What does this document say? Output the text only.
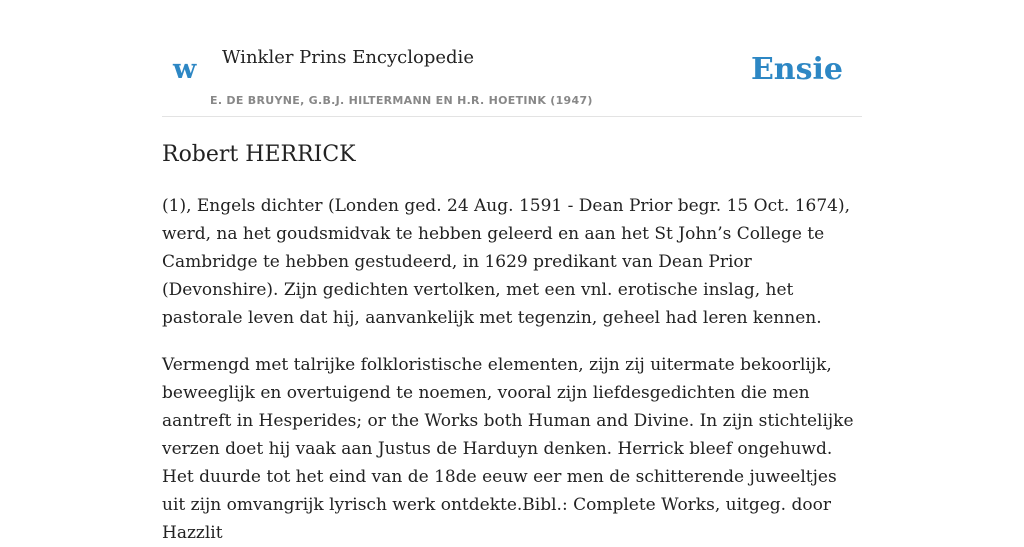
w Winkler Prins Encyclopedie
E. DE BRUYNE, G.B.J. HILTERMANN EN H.R. HOETINK (1947)
Ensie
Robert HERRICK

(1), Engels dichter (Londen ged. 24 Aug. 1591 - Dean Prior begr. 15 Oct. 1674), werd, na het goudsmidvak te hebben geleerd en aan het St John’s College te Cambridge te hebben gestudeerd, in 1629 predikant van Dean Prior (Devonshire). Zijn gedichten vertolken, met een vnl. erotische inslag, het pastorale leven dat hij, aanvankelijk met tegenzin, geheel had leren kennen.

Vermengd met talrijke folkloristische elementen, zijn zij uitermate bekoorlijk, beweeglijk en overtuigend te noemen, vooral zijn liefdesgedichten die men aantreft in Hesperides; or the Works both Human and Divine. In zijn stichtelijke verzen doet hij vaak aan Justus de Harduyn denken. Herrick bleef ongehuwd. Het duurde tot het eind van de 18de eeuw eer men de schitterende juweeltjes uit zijn omvangrijk lyrisch werk ontdekte.Bibl.: Complete Works, uitgeg. door Hazzlit
